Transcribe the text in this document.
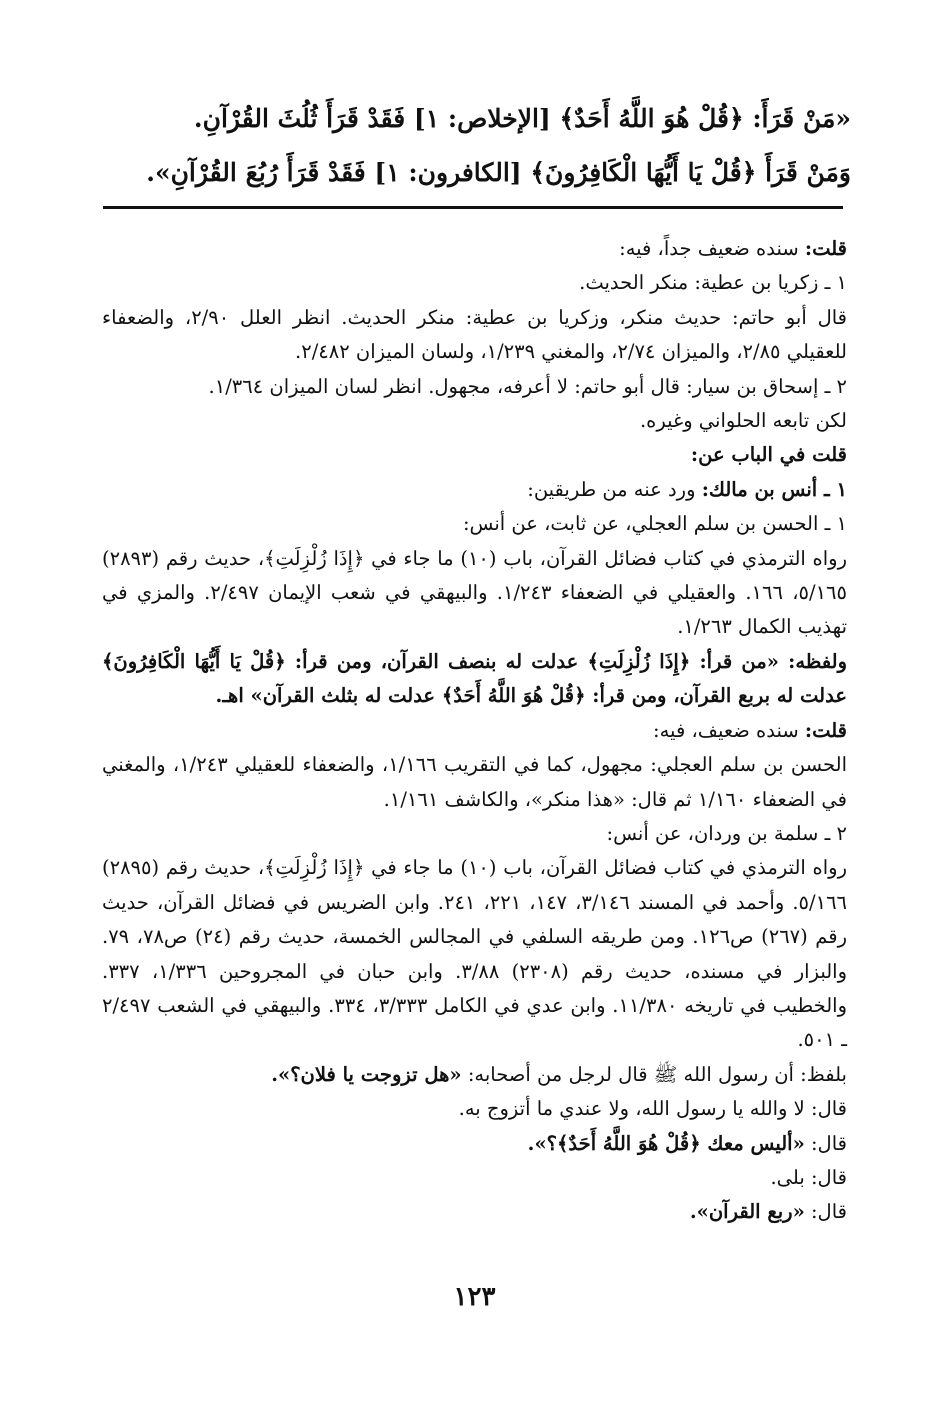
«مَنْ قَرَأَ: ﴿قُلْ هُوَ اللَّهُ أَحَدٌ﴾ [الإخلاص: ١] فَقَدْ قَرَأَ ثُلُثَ القُرْآنِ.
وَمَنْ قَرَأَ ﴿قُلْ يَا أَيُّهَا الْكَافِرُونَ﴾ [الكافرون: ١] فَقَدْ قَرَأَ رُبُعَ القُرْآنِ».

قلت: سنده ضعيف جداً، فيه:

١ ـ زكريا بن عطية: منكر الحديث.

قال أبو حاتم: حديث منكر، وزكريا بن عطية: منكر الحديث. انظر العلل ٢/٩٠، والضعفاء للعقيلي ٢/٨٥، والميزان ٢/٧٤، والمغني ١/٢٣٩، ولسان الميزان ٢/٤٨٢.

٢ ـ إسحاق بن سيار: قال أبو حاتم: لا أعرفه، مجهول. انظر لسان الميزان ١/٣٦٤.

لكن تابعه الحلواني وغيره.

قلت في الباب عن:

١ ـ أنس بن مالك: ورد عنه من طريقين:

١ ـ الحسن بن سلم العجلي، عن ثابت، عن أنس:

رواه الترمذي في كتاب فضائل القرآن، باب (١٠) ما جاء في ﴿إِذَا زُلْزِلَتِ﴾، حديث رقم (٢٨٩٣) ٥/١٦٥، ١٦٦. والعقيلي في الضعفاء ١/٢٤٣. والبيهقي في شعب الإيمان ٢/٤٩٧. والمزي في تهذيب الكمال ١/٢٦٣.

ولفظه: «من قرأ: ﴿إِذَا زُلْزِلَتِ﴾ عدلت له بنصف القرآن، ومن قرأ: ﴿قُلْ يَا أَيُّهَا الْكَافِرُونَ﴾ عدلت له بربع القرآن، ومن قرأ: ﴿قُلْ هُوَ اللَّهُ أَحَدٌ﴾ عدلت له بثلث القرآن» اهـ.

قلت: سنده ضعيف، فيه:

الحسن بن سلم العجلي: مجهول، كما في التقريب ١/١٦٦، والضعفاء للعقيلي ١/٢٤٣، والمغني في الضعفاء ١/١٦٠ ثم قال: «هذا منكر»، والكاشف ١/١٦١.

٢ ـ سلمة بن وردان، عن أنس:

رواه الترمذي في كتاب فضائل القرآن، باب (١٠) ما جاء في ﴿إِذَا زُلْزِلَتِ﴾، حديث رقم (٢٨٩٥) ٥/١٦٦. وأحمد في المسند ٣/١٤٦، ١٤٧، ٢٢١، ٢٤١. وابن الضريس في فضائل القرآن، حديث رقم (٢٦٧) ص١٢٦. ومن طريقه السلفي في المجالس الخمسة، حديث رقم (٢٤) ص٧٨، ٧٩. والبزار في مسنده، حديث رقم (٢٣٠٨) ٣/٨٨. وابن حبان في المجروحين ١/٣٣٦، ٣٣٧. والخطيب في تاريخه ١١/٣٨٠. وابن عدي في الكامل ٣/٣٣٣، ٣٣٤. والبيهقي في الشعب ٢/٤٩٧ ـ ٥٠١.

بلفظ: أن رسول الله ﷺ قال لرجل من أصحابه: «هل تزوجت يا فلان؟».

قال: لا والله يا رسول الله، ولا عندي ما أتزوج به.

قال: «أليس معك ﴿قُلْ هُوَ اللَّهُ أَحَدٌ﴾؟».

قال: بلى.

قال: «ربع القرآن».

١٢٣
